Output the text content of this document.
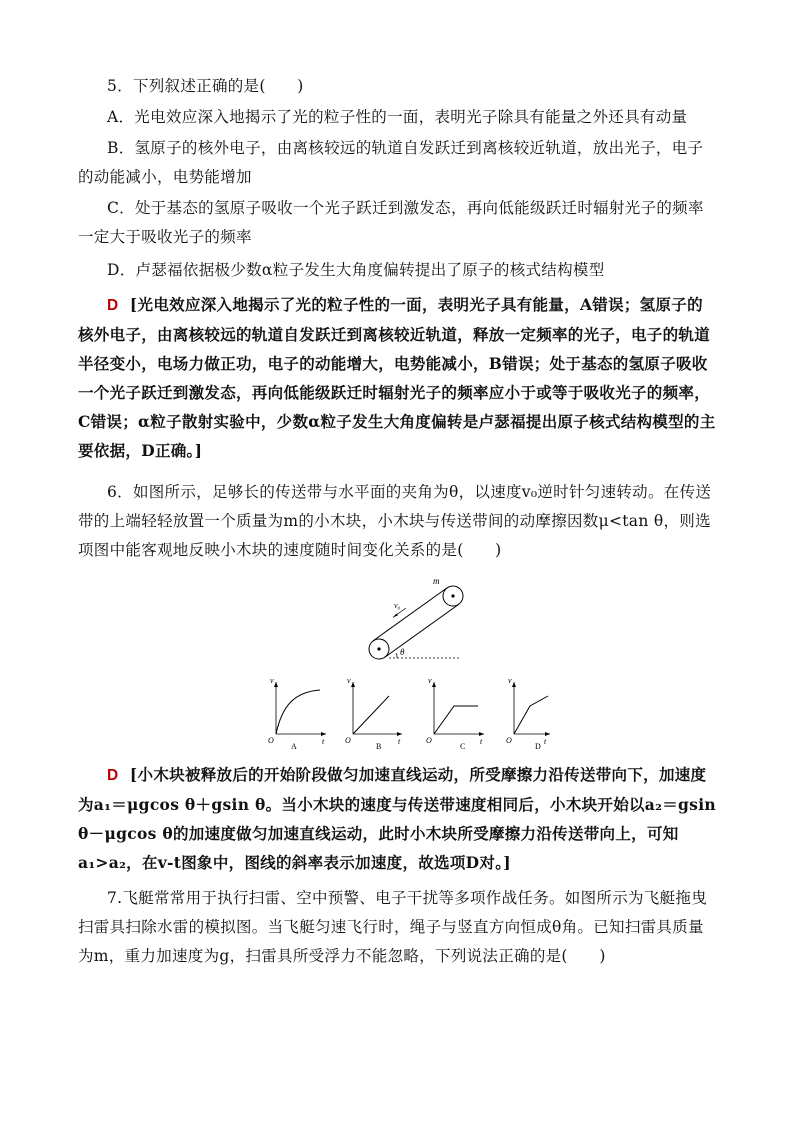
5．下列叙述正确的是(　　)

A．光电效应深入地揭示了光的粒子性的一面，表明光子除具有能量之外还具有动量

B．氢原子的核外电子，由离核较远的轨道自发跃迁到离核较近轨道，放出光子，电子的动能减小，电势能增加

C．处于基态的氢原子吸收一个光子跃迁到激发态，再向低能级跃迁时辐射光子的频率一定大于吸收光子的频率

D．卢瑟福依据极少数α粒子发生大角度偏转提出了原子的核式结构模型

D [光电效应深入地揭示了光的粒子性的一面，表明光子具有能量，A错误；氢原子的核外电子，由离核较远的轨道自发跃迁到离核较近轨道，释放一定频率的光子，电子的轨道半径变小，电场力做正功，电子的动能增大，电势能减小，B错误；处于基态的氢原子吸收一个光子跃迁到激发态，再向低能级跃迁时辐射光子的频率应小于或等于吸收光子的频率，C错误；α粒子散射实验中，少数α粒子发生大角度偏转是卢瑟福提出原子核式结构模型的主要依据，D正确。]

6．如图所示，足够长的传送带与水平面的夹角为θ，以速度v₀逆时针匀速转动。在传送带的上端轻轻放置一个质量为m的小木块，小木块与传送带间的动摩擦因数μ<tan θ，则选项图中能客观地反映小木块的速度随时间变化关系的是(　　)

θ
m
v₀
v
t
O
A
v
t
O
B
v
t
O
C
v
t
O
D

D [小木块被释放后的开始阶段做匀加速直线运动，所受摩擦力沿传送带向下，加速度为a₁＝μgcos θ＋gsin θ。当小木块的速度与传送带速度相同后，小木块开始以a₂＝gsin θ－μgcos θ的加速度做匀加速直线运动，此时小木块所受摩擦力沿传送带向上，可知a₁>a₂，在v-t图象中，图线的斜率表示加速度，故选项D对。]

7.飞艇常常用于执行扫雷、空中预警、电子干扰等多项作战任务。如图所示为飞艇拖曳扫雷具扫除水雷的模拟图。当飞艇匀速飞行时，绳子与竖直方向恒成θ角。已知扫雷具质量为m，重力加速度为g，扫雷具所受浮力不能忽略，下列说法正确的是(　　)
